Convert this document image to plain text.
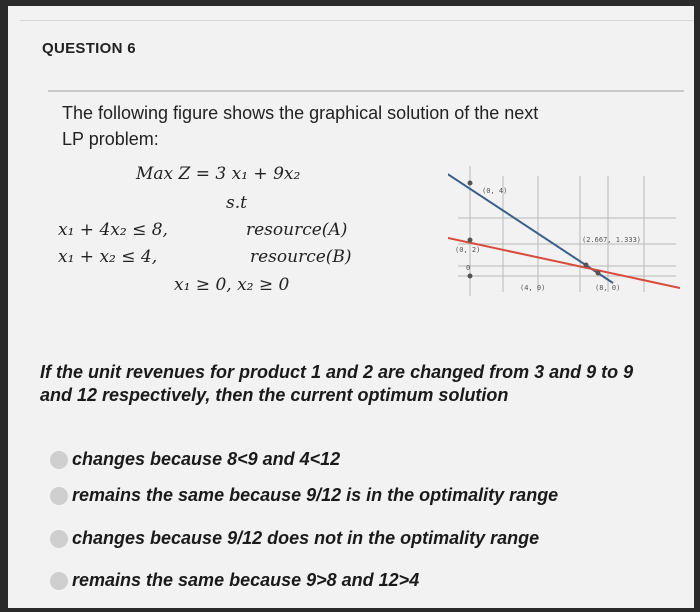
QUESTION 6
The following figure shows the graphical solution of the next LP problem:
Max Z = 3 x₁ + 9x₂
s.t
x₁ + 4x₂ ≤ 8,	resource(A)
x₁ + x₂ ≤ 4,	resource(B)
x₁ ≥ 0, x₂ ≥ 0
(0, 4)
(0, 2)
(2.667, 1.333)
(4, 0)	(8, 0)
0
If the unit revenues for product 1 and 2 are changed from 3 and 9 to 9 and 12 respectively, then the current optimum solution
changes because 8<9 and 4<12
remains the same because 9/12 is in the optimality range
changes because 9/12 does not in the optimality range
remains the same because 9>8 and 12>4
